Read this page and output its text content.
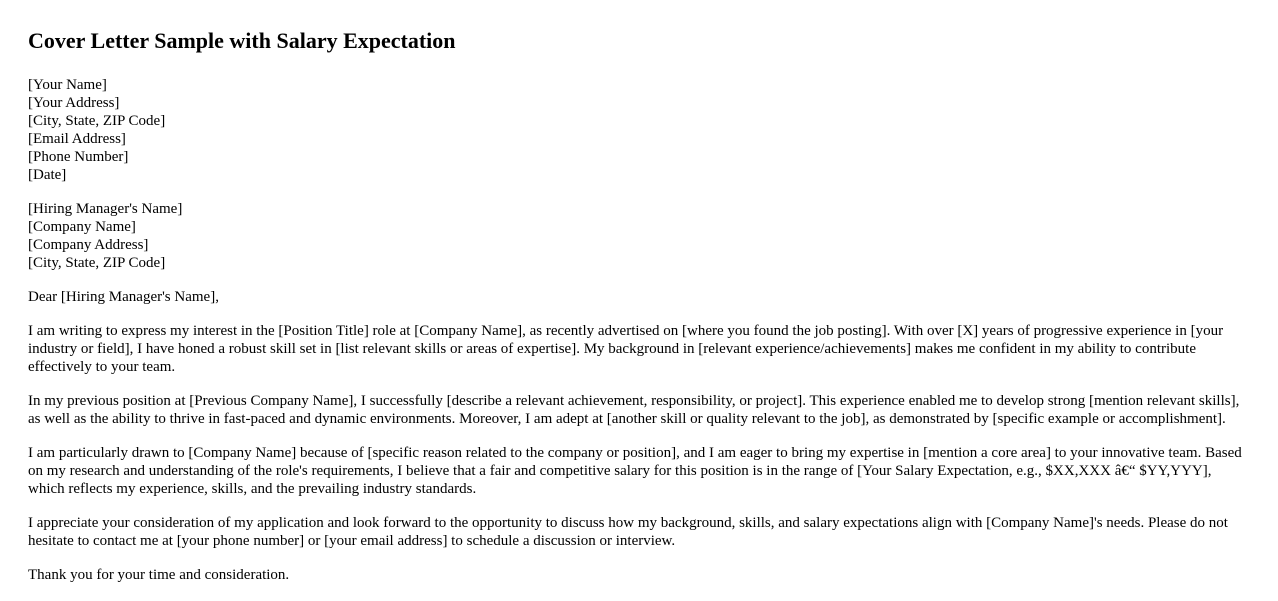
Cover Letter Sample with Salary Expectation
[Your Name]
[Your Address]
[City, State, ZIP Code]
[Email Address]
[Phone Number]
[Date]
[Hiring Manager's Name]
[Company Name]
[Company Address]
[City, State, ZIP Code]

Dear [Hiring Manager's Name],

I am writing to express my interest in the [Position Title] role at [Company Name], as recently advertised on [where you found the job posting]. With over [X] years of progressive experience in [your industry or field], I have honed a robust skill set in [list relevant skills or areas of expertise]. My background in [relevant experience/achievements] makes me confident in my ability to contribute effectively to your team.

In my previous position at [Previous Company Name], I successfully [describe a relevant achievement, responsibility, or project]. This experience enabled me to develop strong [mention relevant skills], as well as the ability to thrive in fast-paced and dynamic environments. Moreover, I am adept at [another skill or quality relevant to the job], as demonstrated by [specific example or accomplishment].

I am particularly drawn to [Company Name] because of [specific reason related to the company or position], and I am eager to bring my expertise in [mention a core area] to your innovative team. Based on my research and understanding of the role's requirements, I believe that a fair and competitive salary for this position is in the range of [Your Salary Expectation, e.g., $XX,XXX â€“ $YY,YYY], which reflects my experience, skills, and the prevailing industry standards.

I appreciate your consideration of my application and look forward to the opportunity to discuss how my background, skills, and salary expectations align with [Company Name]'s needs. Please do not hesitate to contact me at [your phone number] or [your email address] to schedule a discussion or interview.

Thank you for your time and consideration.
